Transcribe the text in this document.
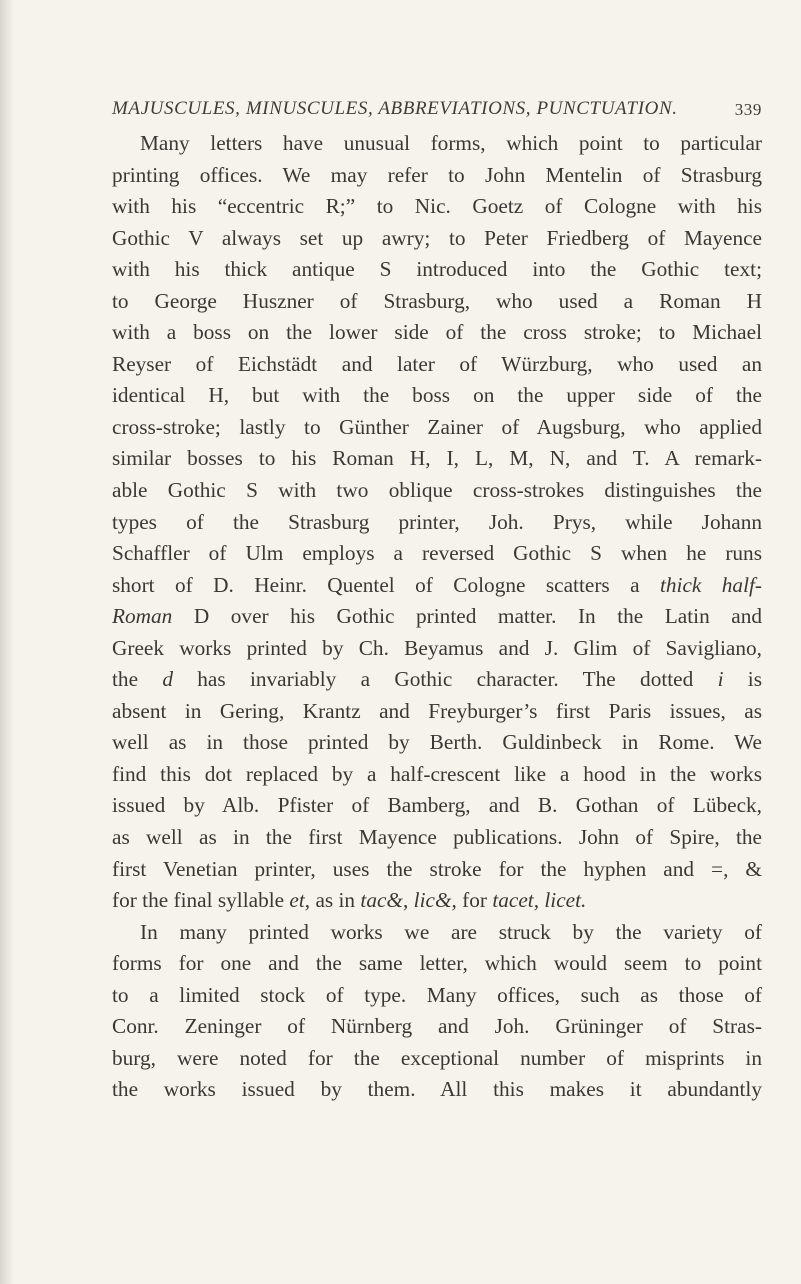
MAJUSCULES, MINUSCULES, ABBREVIATIONS, PUNCTUATION.	339
Many letters have unusual forms, which point to particular
printing offices. We may refer to John Mentelin of Strasburg
with his “eccentric R;” to Nic. Goetz of Cologne with his
Gothic V always set up awry; to Peter Friedberg of Mayence
with his thick antique S introduced into the Gothic text;
to George Huszner of Strasburg, who used a Roman H
with a boss on the lower side of the cross stroke; to Michael
Reyser of Eichstädt and later of Würzburg, who used an
identical H, but with the boss on the upper side of the
cross-stroke; lastly to Günther Zainer of Augsburg, who applied
similar bosses to his Roman H, I, L, M, N, and T. A remark-
able Gothic S with two oblique cross-strokes distinguishes the
types of the Strasburg printer, Joh. Prys, while Johann
Schaffler of Ulm employs a reversed Gothic S when he runs
short of D. Heinr. Quentel of Cologne scatters a thick half-
Roman D over his Gothic printed matter. In the Latin and
Greek works printed by Ch. Beyamus and J. Glim of Savigliano,
the d has invariably a Gothic character. The dotted i is
absent in Gering, Krantz and Freyburger’s first Paris issues, as
well as in those printed by Berth. Guldinbeck in Rome. We
find this dot replaced by a half-crescent like a hood in the works
issued by Alb. Pfister of Bamberg, and B. Gothan of Lübeck,
as well as in the first Mayence publications. John of Spire, the
first Venetian printer, uses the stroke for the hyphen and =, &
for the final syllable et, as in tac&, lic&, for tacet, licet.
In many printed works we are struck by the variety of
forms for one and the same letter, which would seem to point
to a limited stock of type. Many offices, such as those of
Conr. Zeninger of Nürnberg and Joh. Grüninger of Stras-
burg, were noted for the exceptional number of misprints in
the works issued by them. All this makes it abundantly
